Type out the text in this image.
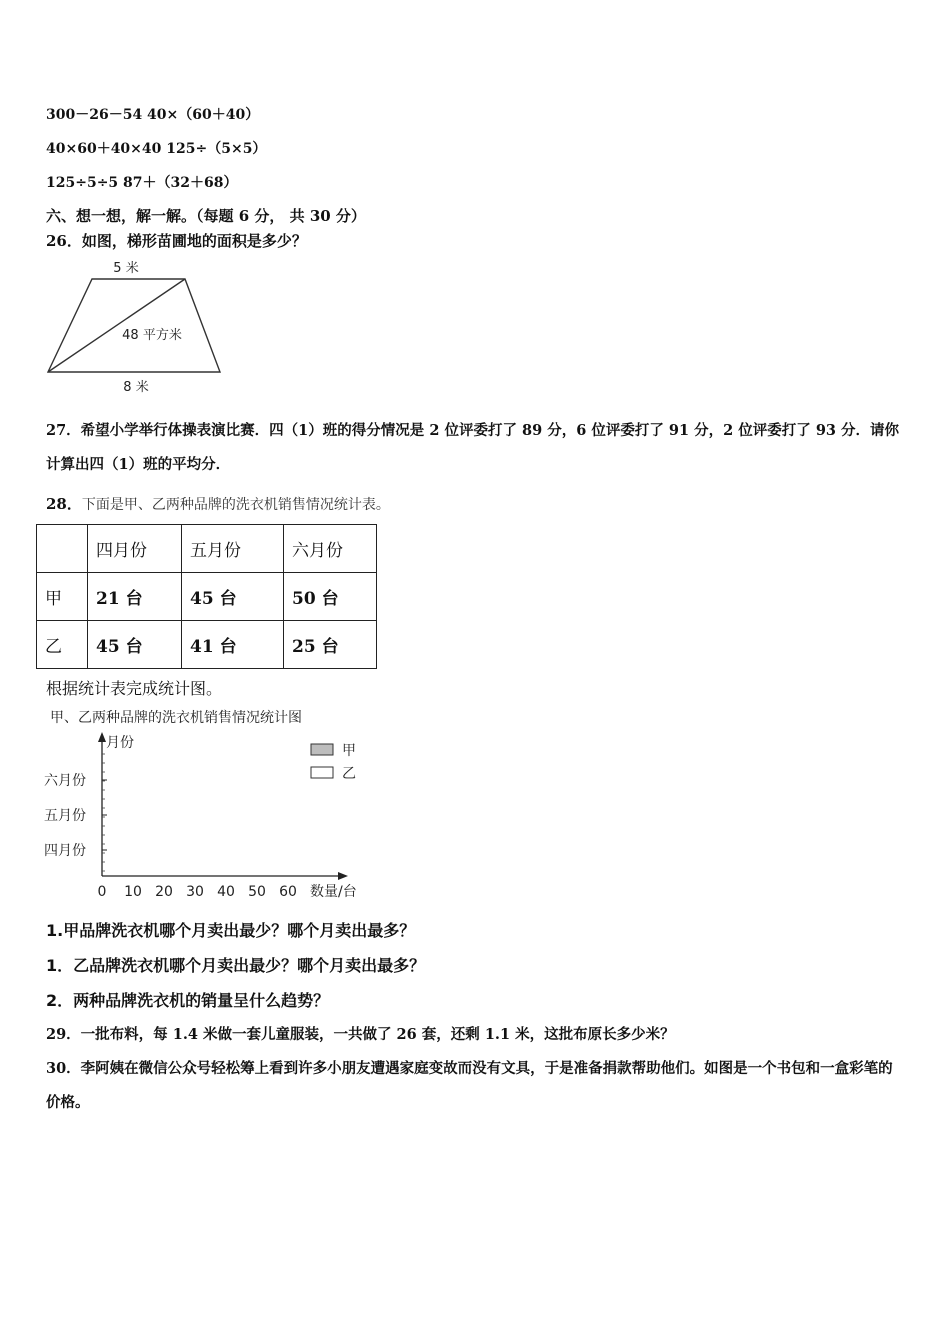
300－26－54 40×（60＋40）
40×60＋40×40 125÷（5×5）
125÷5÷5 87＋（32＋68）
六、想一想，解一解。（每题 6 分， 共 30 分）
26．如图，梯形苗圃地的面积是多少？
5 米
48 平方米
8 米
27．希望小学举行体操表演比赛．四（1）班的得分情况是 2 位评委打了 89 分，6 位评委打了 91 分，2 位评委打了 93 分．请你计算出四（1）班的平均分．
28．下面是甲、乙两种品牌的洗衣机销售情况统计表。
	四月份	五月份	六月份
甲	21 台	45 台	50 台
乙	45 台	41 台	25 台
根据统计表完成统计图。
甲、乙两种品牌的洗衣机销售情况统计图
月份
数量/台
甲
乙
0 10 20 30 40 50 60
四月份
五月份
六月份
1.甲品牌洗衣机哪个月卖出最少？哪个月卖出最多？
1．乙品牌洗衣机哪个月卖出最少？哪个月卖出最多？
2．两种品牌洗衣机的销量呈什么趋势？
29．一批布料，每 1.4 米做一套儿童服装，一共做了 26 套，还剩 1.1 米，这批布原长多少米？
30．李阿姨在微信公众号轻松筹上看到许多小朋友遭遇家庭变故而没有文具，于是准备捐款帮助他们。如图是一个书包和一盒彩笔的价格。
